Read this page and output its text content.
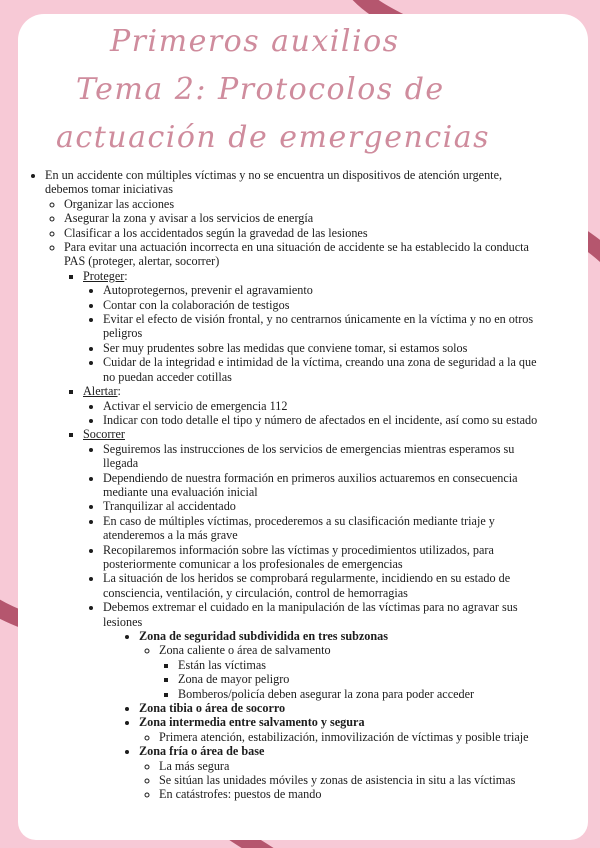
Primeros auxilios
Tema 2: Protocolos de
actuación de emergencias
• En un accidente con múltiples víctimas y no se encuentra un dispositivos de atención urgente, debemos tomar iniciativas
◦ Organizar las acciones
◦ Asegurar la zona y avisar a los servicios de energía
◦ Clasificar a los accidentados según la gravedad de las lesiones
◦ Para evitar una actuación incorrecta en una situación de accidente se ha establecido la conducta PAS (proteger, alertar, socorrer)
▪ Proteger:
• Autoprotegernos, prevenir el agravamiento
• Contar con la colaboración de testigos
• Evitar el efecto de visión frontal, y no centrarnos únicamente en la víctima y no en otros peligros
• Ser muy prudentes sobre las medidas que conviene tomar, si estamos solos
• Cuidar de la integridad e intimidad de la víctima, creando una zona de seguridad a la que no puedan acceder cotillas
▪ Alertar:
• Activar el servicio de emergencia 112
• Indicar con todo detalle el tipo y número de afectados en el incidente, así como su estado
▪ Socorrer
• Seguiremos las instrucciones de los servicios de emergencias mientras esperamos su llegada
• Dependiendo de nuestra formación en primeros auxilios actuaremos en consecuencia mediante una evaluación inicial
• Tranquilizar al accidentado
• En caso de múltiples víctimas, procederemos a su clasificación mediante triaje y atenderemos a la más grave
• Recopilaremos información sobre las víctimas y procedimientos utilizados, para posteriormente comunicar a los profesionales de emergencias
• La situación de los heridos se comprobará regularmente, incidiendo en su estado de consciencia, ventilación, y circulación, control de hemorragias
• Debemos extremar el cuidado en la manipulación de las víctimas para no agravar sus lesiones
• Zona de seguridad subdividida en tres subzonas
◦ Zona caliente o área de salvamento
▪ Están las víctimas
▪ Zona de mayor peligro
▪ Bomberos/policía deben asegurar la zona para poder acceder
• Zona tibia o área de socorro
• Zona intermedia entre salvamento y segura
◦ Primera atención, estabilización, inmovilización de víctimas y posible triaje
• Zona fría o área de base
◦ La más segura
◦ Se sitúan las unidades móviles y zonas de asistencia in situ a las víctimas
◦ En catástrofes: puestos de mando
